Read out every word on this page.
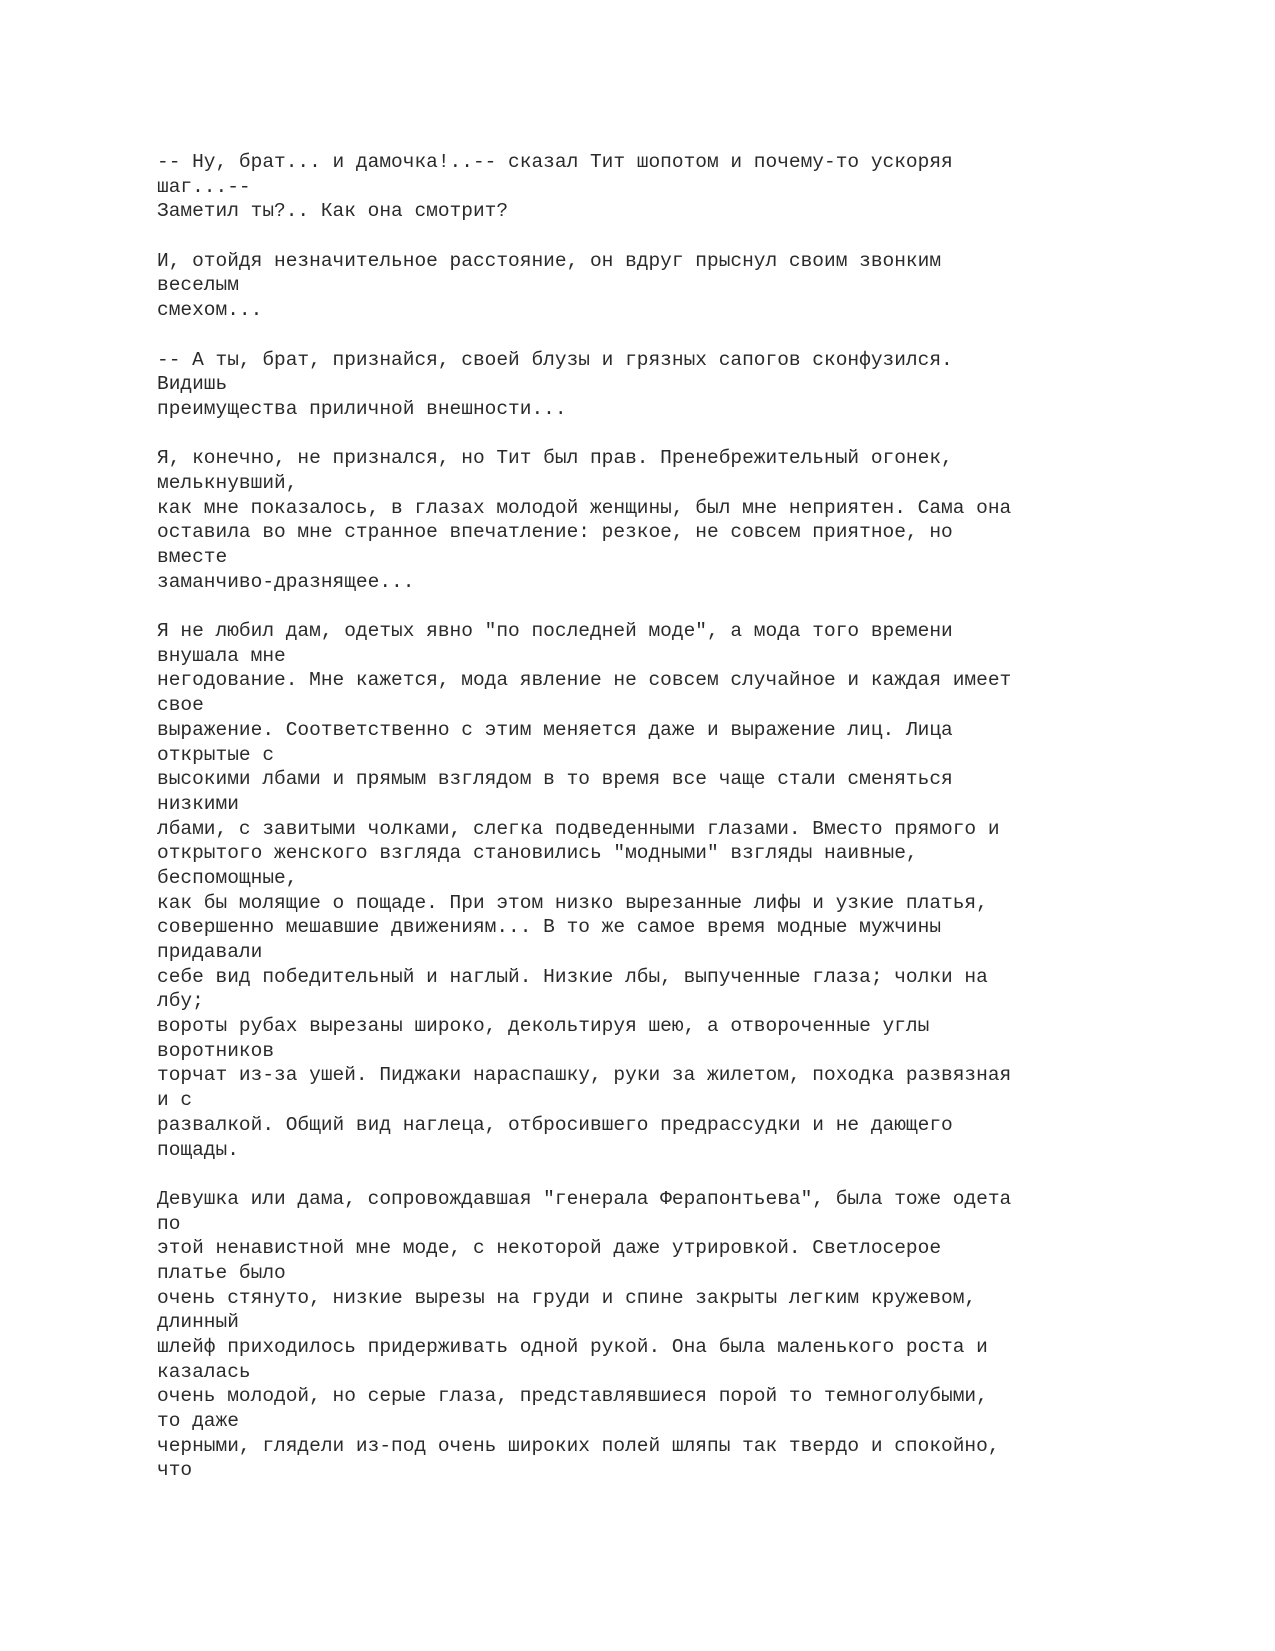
-- Ну, брат... и дамочка!..-- сказал Тит шопотом и почему-то ускоряя
шаг...--
Заметил ты?.. Как она смотрит?
И, отойдя незначительное расстояние, он вдруг прыснул своим звонким
веселым
смехом...
-- А ты, брат, признайся, своей блузы и грязных сапогов сконфузился.
Видишь
преимущества приличной внешности...
Я, конечно, не признался, но Тит был прав. Пренебрежительный огонек,
мелькнувший,
как мне показалось, в глазах молодой женщины, был мне неприятен. Сама она
оставила во мне странное впечатление: резкое, не совсем приятное, но
вместе
заманчиво-дразнящее...
Я не любил дам, одетых явно "по последней моде", а мода того времени
внушала мне
негодование. Мне кажется, мода явление не совсем случайное и каждая имеет
свое
выражение. Соответственно с этим меняется даже и выражение лиц. Лица
открытые с
высокими лбами и прямым взглядом в то время все чаще стали сменяться
низкими
лбами, с завитыми чолками, слегка подведенными глазами. Вместо прямого и
открытого женского взгляда становились "модными" взгляды наивные,
беспомощные,
как бы молящие о пощаде. При этом низко вырезанные лифы и узкие платья,
совершенно мешавшие движениям... В то же самое время модные мужчины
придавали
себе вид победительный и наглый. Низкие лбы, выпученные глаза; чолки на
лбу;
вороты рубах вырезаны широко, декольтируя шею, а отвороченные углы
воротников
торчат из-за ушей. Пиджаки нараспашку, руки за жилетом, походка развязная
и с
развалкой. Общий вид наглеца, отбросившего предрассудки и не дающего
пощады.
Девушка или дама, сопровождавшая "генерала Ферапонтьева", была тоже одета
по
этой ненавистной мне моде, с некоторой даже утрировкой. Светлосерое
платье было
очень стянуто, низкие вырезы на груди и спине закрыты легким кружевом,
длинный
шлейф приходилось придерживать одной рукой. Она была маленького роста и
казалась
очень молодой, но серые глаза, представлявшиеся порой то темноголубыми,
то даже
черными, глядели из-под очень широких полей шляпы так твердо и спокойно,
что
